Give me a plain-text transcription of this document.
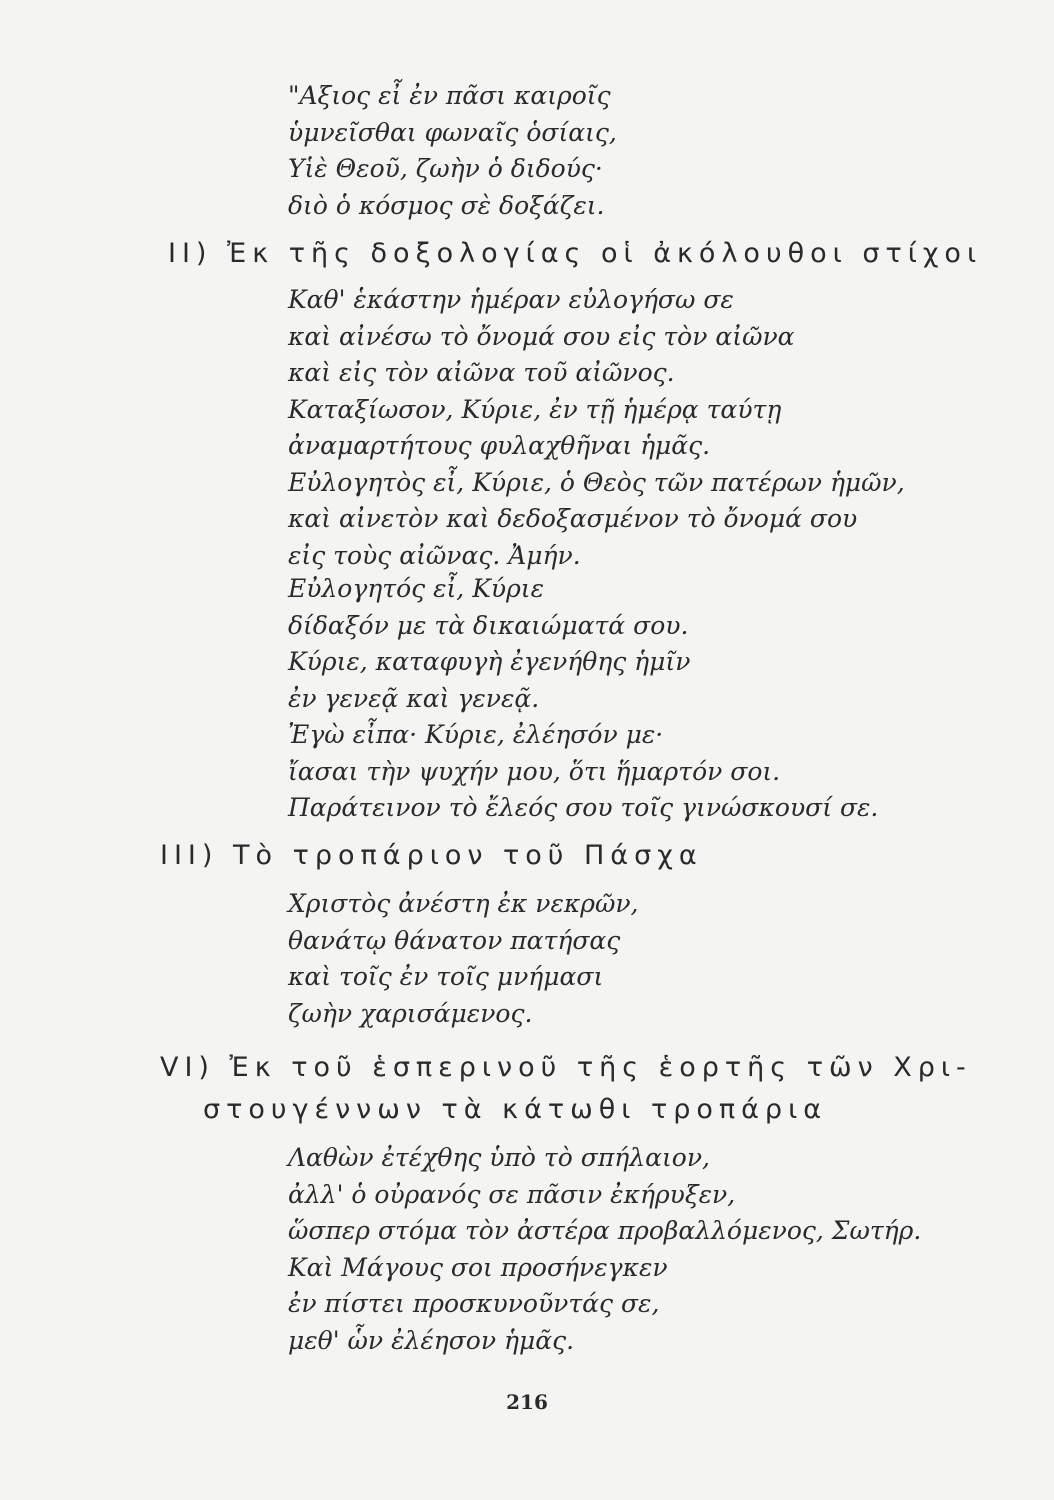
"Αξιος εἶ ἐν πᾶσι καιροῖς
ὑμνεῖσθαι φωναῖς ὁσίαις,
Υἱὲ Θεοῦ, ζωὴν ὁ διδούς·
διὸ ὁ κόσμος σὲ δοξάζει.
II) Ἐκ τῆς δοξολογίας οἱ ἀκόλουθοι στίχοι
Καθ' ἑκάστην ἡμέραν εὐλογήσω σε
καὶ αἰνέσω τὸ ὄνομά σου εἰς τὸν αἰῶνα
καὶ εἰς τὸν αἰῶνα τοῦ αἰῶνος.
Καταξίωσον, Κύριε, ἐν τῇ ἡμέρᾳ ταύτῃ
ἀναμαρτήτους φυλαχθῆναι ἡμᾶς.
Εὐλογητὸς εἶ, Κύριε, ὁ Θεὸς τῶν πατέρων ἡμῶν,
καὶ αἰνετὸν καὶ δεδοξασμένον τὸ ὄνομά σου
εἰς τοὺς αἰῶνας. Ἀμήν.
Εὐλογητός εἶ, Κύριε
δίδαξόν με τὰ δικαιώματά σου.
Κύριε, καταφυγὴ ἐγενήθης ἡμῖν
ἐν γενεᾷ καὶ γενεᾷ.
Ἐγὼ εἶπα· Κύριε, ἐλέησόν με·
ἴασαι τὴν ψυχήν μου, ὅτι ἥμαρτόν σοι.
Παράτεινον τὸ ἔλεός σου τοῖς γινώσκουσί σε.
III) Τὸ τροπάριον τοῦ Πάσχα
Χριστὸς ἀνέστη ἐκ νεκρῶν,
θανάτῳ θάνατον πατήσας
καὶ τοῖς ἐν τοῖς μνήμασι
ζωὴν χαρισάμενος.
VI) Ἐκ τοῦ ἑσπερινοῦ τῆς ἑορτῆς τῶν Χρι-
στουγέννων τὰ κάτωθι τροπάρια
Λαθὼν ἐτέχθης ὑπὸ τὸ σπήλαιον,
ἀλλ' ὁ οὐρανός σε πᾶσιν ἐκήρυξεν,
ὥσπερ στόμα τὸν ἀστέρα προβαλλόμενος, Σωτήρ.
Καὶ Μάγους σοι προσήνεγκεν
ἐν πίστει προσκυνοῦντάς σε,
μεθ' ὧν ἐλέησον ἡμᾶς.
216
